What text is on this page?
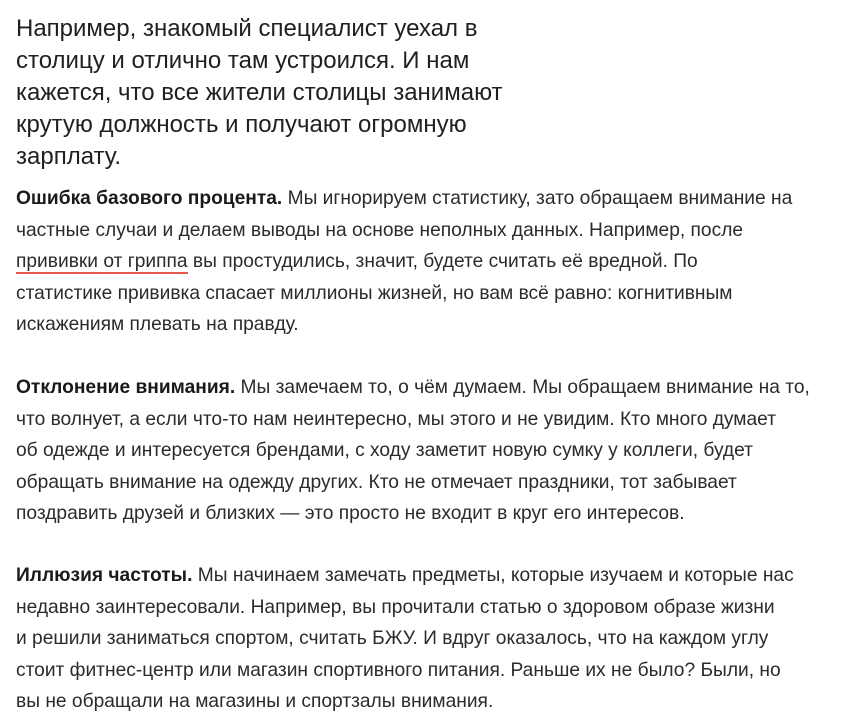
Например, знакомый специалист уехал в
столицу и отлично там устроился. И нам
кажется, что все жители столицы занимают
крутую должность и получают огромную
зарплату.

Ошибка базового процента. Мы игнорируем статистику, зато обращаем внимание на
частные случаи и делаем выводы на основе неполных данных. Например, после
прививки от гриппа вы простудились, значит, будете считать её вредной. По
статистике прививка спасает миллионы жизней, но вам всё равно: когнитивным
искажениям плевать на правду.

Отклонение внимания. Мы замечаем то, о чём думаем. Мы обращаем внимание на то,
что волнует, а если что-то нам неинтересно, мы этого и не увидим. Кто много думает
об одежде и интересуется брендами, с ходу заметит новую сумку у коллеги, будет
обращать внимание на одежду других. Кто не отмечает праздники, тот забывает
поздравить друзей и близких — это просто не входит в круг его интересов.

Иллюзия частоты. Мы начинаем замечать предметы, которые изучаем и которые нас
недавно заинтересовали. Например, вы прочитали статью о здоровом образе жизни
и решили заниматься спортом, считать БЖУ. И вдруг оказалось, что на каждом углу
стоит фитнес-центр или магазин спортивного питания. Раньше их не было? Были, но
вы не обращали на магазины и спортзалы внимания.
